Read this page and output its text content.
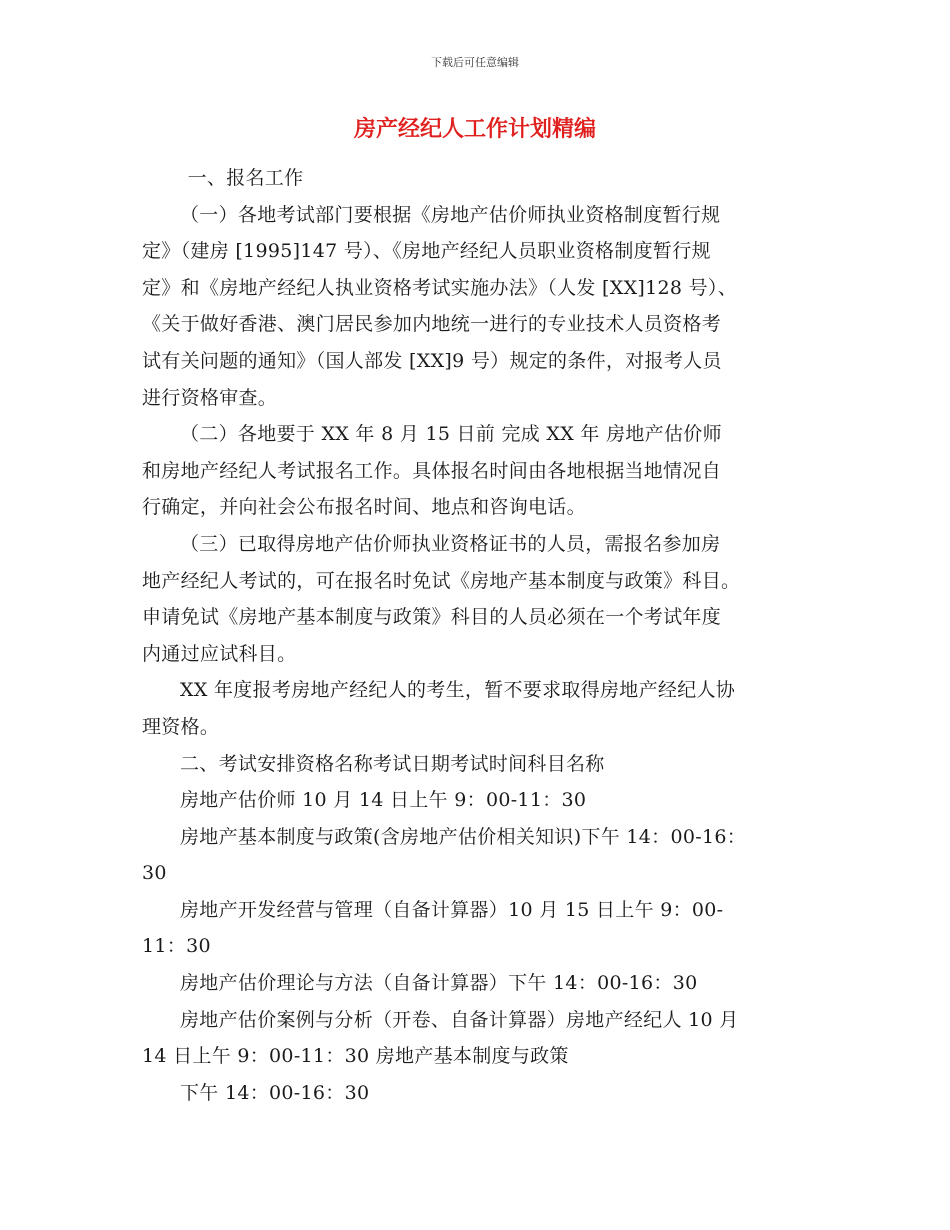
下载后可任意编辑
房产经纪人工作计划精编

一、报名工作

（一）各地考试部门要根据《房地产估价师执业资格制度暂行规

定》（建房 [1995]147 号）、《房地产经纪人员职业资格制度暂行规

定》和《房地产经纪人执业资格考试实施办法》（人发 [XX]128 号）、

《关于做好香港、澳门居民参加内地统一进行的专业技术人员资格考

试有关问题的通知》（国人部发 [XX]9 号）规定的条件，对报考人员

进行资格审查。

（二）各地要于 XX 年 8 月 15 日前 完成 XX 年 房地产估价师

和房地产经纪人考试报名工作。具体报名时间由各地根据当地情况自

行确定，并向社会公布报名时间、地点和咨询电话。

（三）已取得房地产估价师执业资格证书的人员，需报名参加房

地产经纪人考试的，可在报名时免试《房地产基本制度与政策》科目。

申请免试《房地产基本制度与政策》科目的人员必须在一个考试年度

内通过应试科目。

XX 年度报考房地产经纪人的考生，暂不要求取得房地产经纪人协

理资格。

二、考试安排资格名称考试日期考试时间科目名称

房地产估价师 10 月 14 日上午 9：00-11：30

房地产基本制度与政策(含房地产估价相关知识)下午 14：00-16：

30

房地产开发经营与管理（自备计算器）10 月 15 日上午 9：00-

11：30

房地产估价理论与方法（自备计算器）下午 14：00-16：30

房地产估价案例与分析（开卷、自备计算器）房地产经纪人 10 月

14 日上午 9：00-11：30 房地产基本制度与政策

下午 14：00-16：30
